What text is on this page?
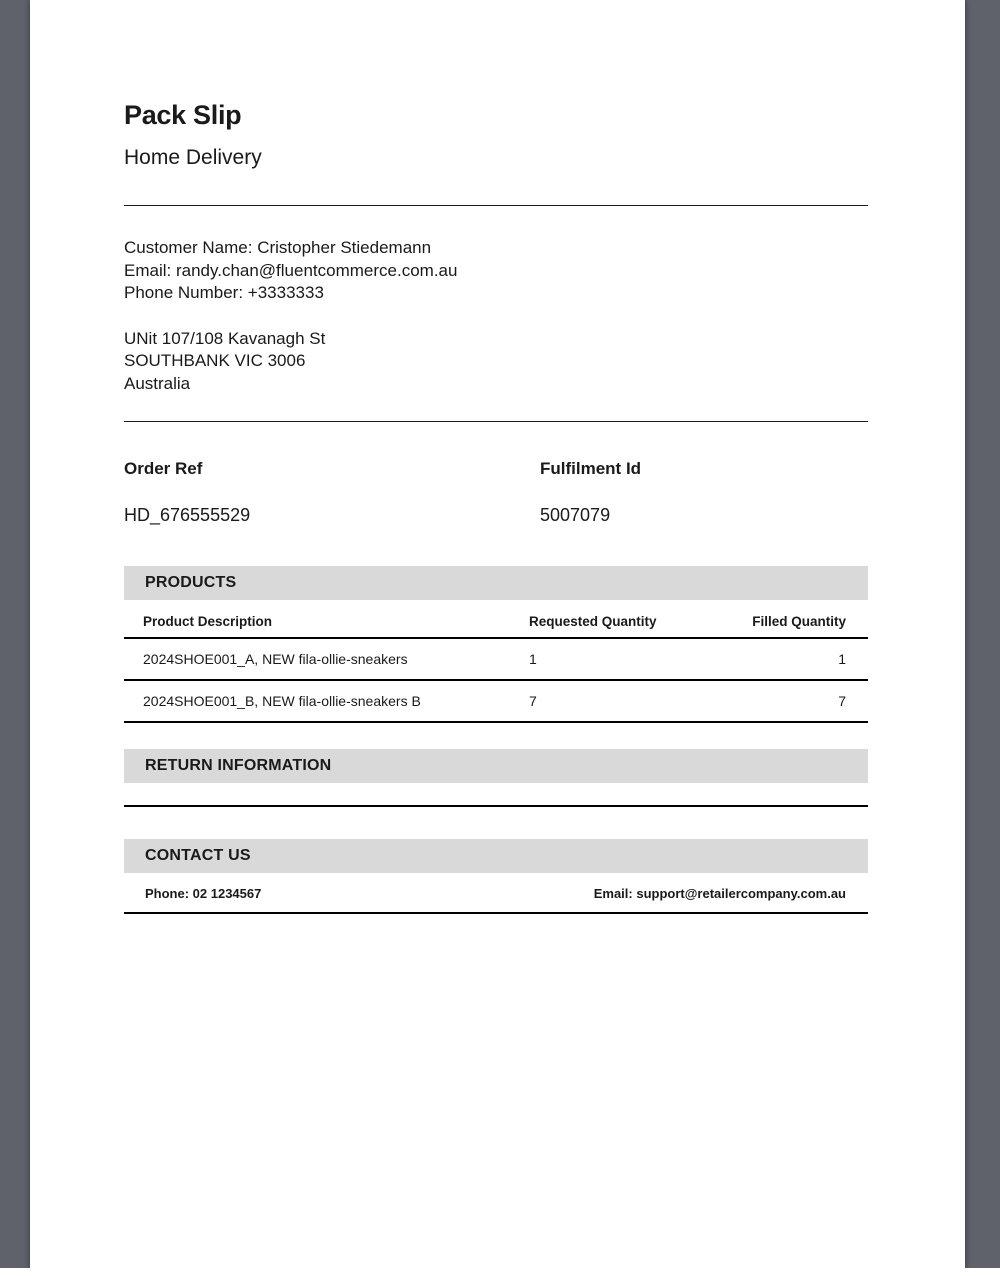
Pack Slip
Home Delivery
Customer Name: Cristopher Stiedemann
Email: randy.chan@fluentcommerce.com.au
Phone Number: +3333333
UNit 107/108 Kavanagh St
SOUTHBANK VIC 3006
Australia
Order Ref	Fulfilment Id
HD_676555529	5007079
PRODUCTS
Product Description	Requested Quantity	Filled Quantity
2024SHOE001_A, NEW fila-ollie-sneakers	1	1
2024SHOE001_B, NEW fila-ollie-sneakers B	7	7
RETURN INFORMATION
CONTACT US
Phone: 02 1234567	Email: support@retailercompany.com.au
